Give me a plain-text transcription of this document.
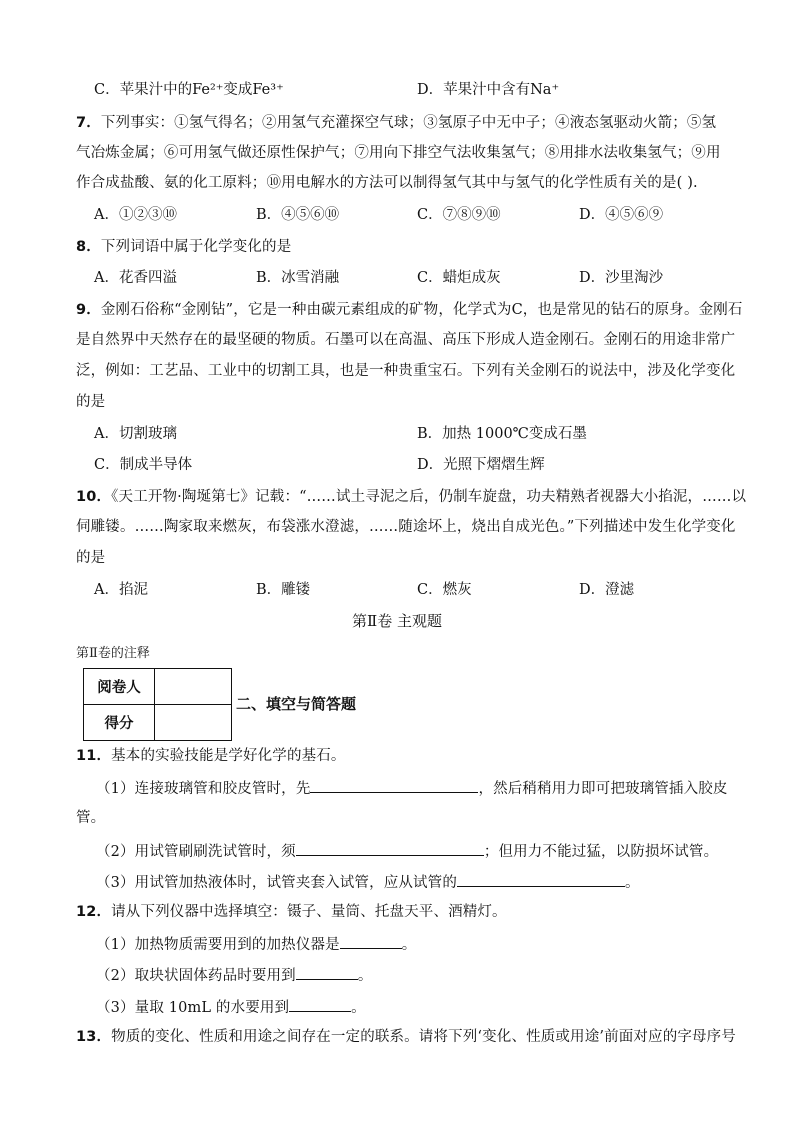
C．苹果汁中的Fe²⁺变成Fe³⁺	D．苹果汁中含有Na⁺
7．下列事实：①氢气得名；②用氢气充灌探空气球；③氢原子中无中子；④液态氢驱动火箭；⑤氢
气冶炼金属；⑥可用氢气做还原性保护气；⑦用向下排空气法收集氢气；⑧用排水法收集氢气；⑨用
作合成盐酸、氨的化工原料；⑩用电解水的方法可以制得氢气其中与氢气的化学性质有关的是( ).
A．①②③⑩	B．④⑤⑥⑩	C．⑦⑧⑨⑩	D．④⑤⑥⑨
8．下列词语中属于化学变化的是
A．花香四溢	B．冰雪消融	C．蜡炬成灰	D．沙里淘沙
9．金刚石俗称“金刚钻”，它是一种由碳元素组成的矿物，化学式为C，也是常见的钻石的原身。金刚石
是自然界中天然存在的最坚硬的物质。石墨可以在高温、高压下形成人造金刚石。金刚石的用途非常广
泛，例如：工艺品、工业中的切割工具，也是一种贵重宝石。下列有关金刚石的说法中，涉及化学变化
的是
A．切割玻璃	B．加热 1000℃变成石墨
C．制成半导体	D．光照下熠熠生辉
10．《天工开物·陶埏第七》记载：“……试土寻泥之后，仍制车旋盘，功夫精熟者视器大小掐泥，……以
伺雕镂。……陶家取来燃灰，布袋涨水澄滤，……随途坏上，烧出自成光色。”下列描述中发生化学变化
的是
A．掐泥	B．雕镂	C．燃灰	D．澄滤
第Ⅱ卷 主观题
第Ⅱ卷的注释
阅卷人	
得分	
二、填空与简答题
11．基本的实验技能是学好化学的基石。
（1）连接玻璃管和胶皮管时，先	，然后稍稍用力即可把玻璃管插入胶皮
管。
（2）用试管刷刷洗试管时，须	；但用力不能过猛，以防损坏试管。
（3）用试管加热液体时，试管夹套入试管，应从试管的	。
12．请从下列仪器中选择填空：镊子、量筒、托盘天平、酒精灯。
（1）加热物质需要用到的加热仪器是	。
（2）取块状固体药品时要用到	。
（3）量取 10mL 的水要用到	。
13．物质的变化、性质和用途之间存在一定的联系。请将下列‘变化、性质或用途’前面对应的字母序号
